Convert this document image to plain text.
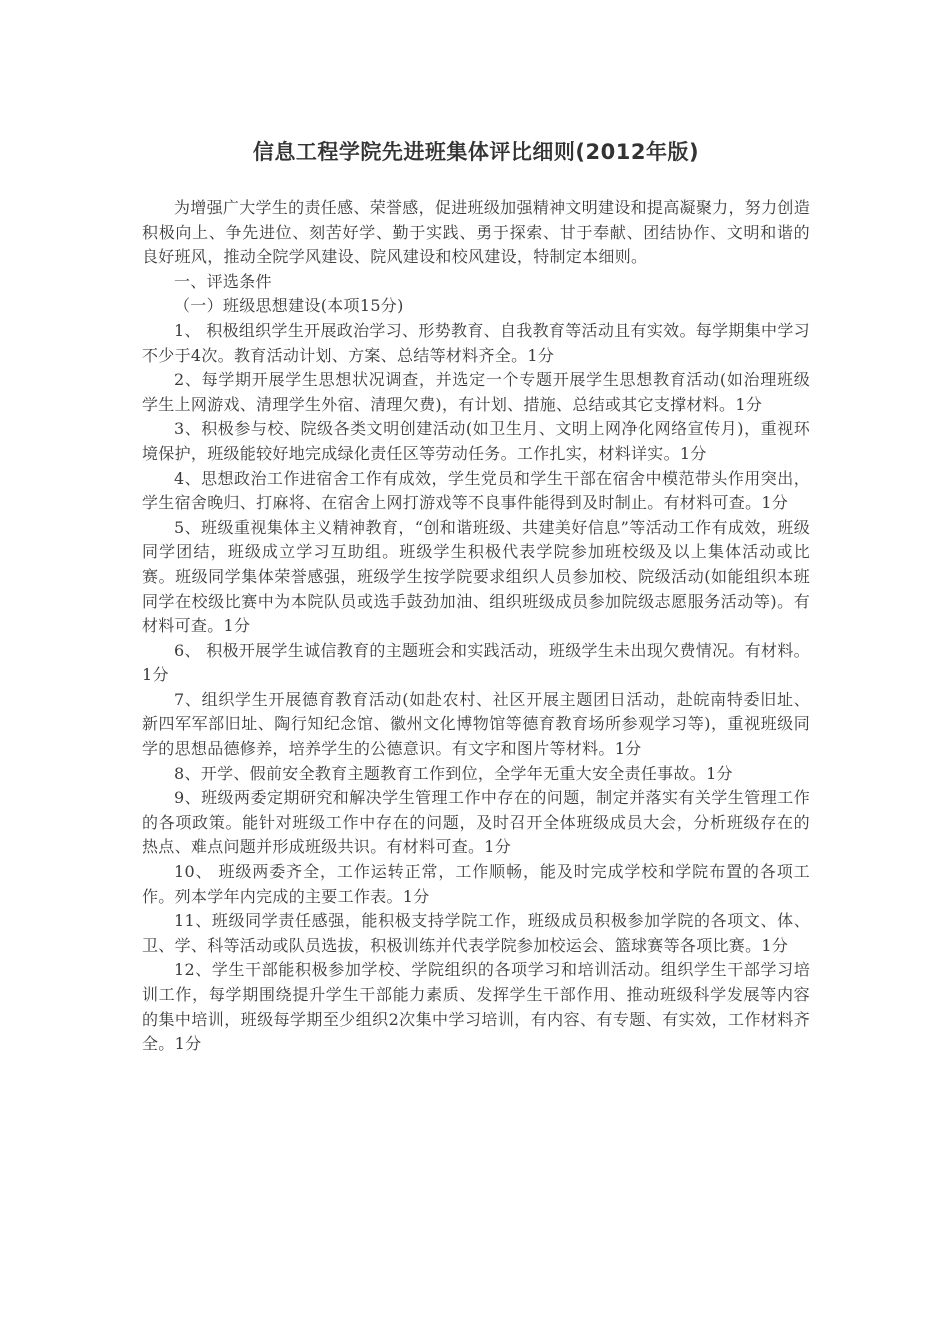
信息工程学院先进班集体评比细则(2012年版)

为增强广大学生的责任感、荣誉感，促进班级加强精神文明建设和提高凝聚力，努力创造积极向上、争先进位、刻苦好学、勤于实践、勇于探索、甘于奉献、团结协作、文明和谐的良好班风，推动全院学风建设、院风建设和校风建设，特制定本细则。

一、评选条件

（一）班级思想建设(本项15分)

1、 积极组织学生开展政治学习、形势教育、自我教育等活动且有实效。每学期集中学习不少于4次。教育活动计划、方案、总结等材料齐全。1分

2、每学期开展学生思想状况调查，并选定一个专题开展学生思想教育活动(如治理班级学生上网游戏、清理学生外宿、清理欠费)，有计划、措施、总结或其它支撑材料。1分

3、积极参与校、院级各类文明创建活动(如卫生月、文明上网净化网络宣传月)，重视环境保护，班级能较好地完成绿化责任区等劳动任务。工作扎实，材料详实。1分

4、思想政治工作进宿舍工作有成效，学生党员和学生干部在宿舍中模范带头作用突出，学生宿舍晚归、打麻将、在宿舍上网打游戏等不良事件能得到及时制止。有材料可查。1分

5、班级重视集体主义精神教育，“创和谐班级、共建美好信息”等活动工作有成效，班级同学团结，班级成立学习互助组。班级学生积极代表学院参加班校级及以上集体活动或比赛。班级同学集体荣誉感强，班级学生按学院要求组织人员参加校、院级活动(如能组织本班同学在校级比赛中为本院队员或选手鼓劲加油、组织班级成员参加院级志愿服务活动等)。有材料可查。1分

6、 积极开展学生诚信教育的主题班会和实践活动，班级学生未出现欠费情况。有材料。1分

7、组织学生开展德育教育活动(如赴农村、社区开展主题团日活动，赴皖南特委旧址、新四军军部旧址、陶行知纪念馆、徽州文化博物馆等德育教育场所参观学习等)，重视班级同学的思想品德修养，培养学生的公德意识。有文字和图片等材料。1分

8、开学、假前安全教育主题教育工作到位，全学年无重大安全责任事故。1分

9、班级两委定期研究和解决学生管理工作中存在的问题，制定并落实有关学生管理工作的各项政策。能针对班级工作中存在的问题，及时召开全体班级成员大会，分析班级存在的热点、难点问题并形成班级共识。有材料可查。1分

10、 班级两委齐全，工作运转正常，工作顺畅，能及时完成学校和学院布置的各项工作。列本学年内完成的主要工作表。1分

11、班级同学责任感强，能积极支持学院工作，班级成员积极参加学院的各项文、体、卫、学、科等活动或队员选拔，积极训练并代表学院参加校运会、篮球赛等各项比赛。1分

12、学生干部能积极参加学校、学院组织的各项学习和培训活动。组织学生干部学习培训工作，每学期围绕提升学生干部能力素质、发挥学生干部作用、推动班级科学发展等内容的集中培训，班级每学期至少组织2次集中学习培训，有内容、有专题、有实效，工作材料齐全。1分
